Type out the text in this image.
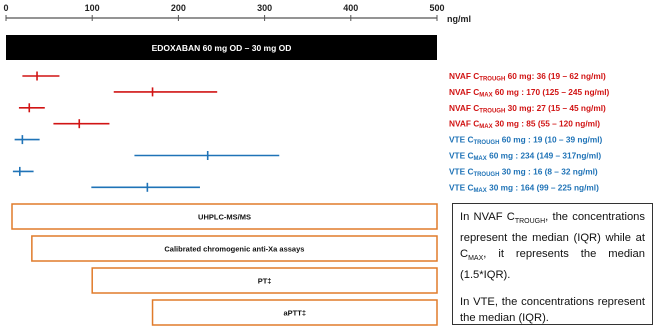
0	100	200	300	400	500
ng/ml
EDOXABAN 60 mg OD – 30 mg OD
NVAF CTROUGH 60 mg: 36 (19 – 62 ng/ml)
NVAF CMAX 60 mg : 170 (125 – 245 ng/ml)
NVAF CTROUGH 30 mg: 27 (15 – 45 ng/ml)
NVAF CMAX 30 mg : 85 (55 – 120 ng/ml)
VTE CTROUGH 60 mg : 19 (10 – 39 ng/ml)
VTE CMAX 60 mg : 234 (149 – 317ng/ml)
VTE CTROUGH 30 mg : 16 (8 – 32 ng/ml)
VTE CMAX 30 mg : 164 (99 – 225 ng/ml)
UHPLC-MS/MS
Calibrated chromogenic anti-Xa assays
PT‡
aPTT‡

In NVAF $C_{TROUGH}$, the concentrations represent the median (IQR) while at $C_{MAX}$, it represents the median (1.5*IQR).

In VTE, the concentrations represent the median (IQR).
